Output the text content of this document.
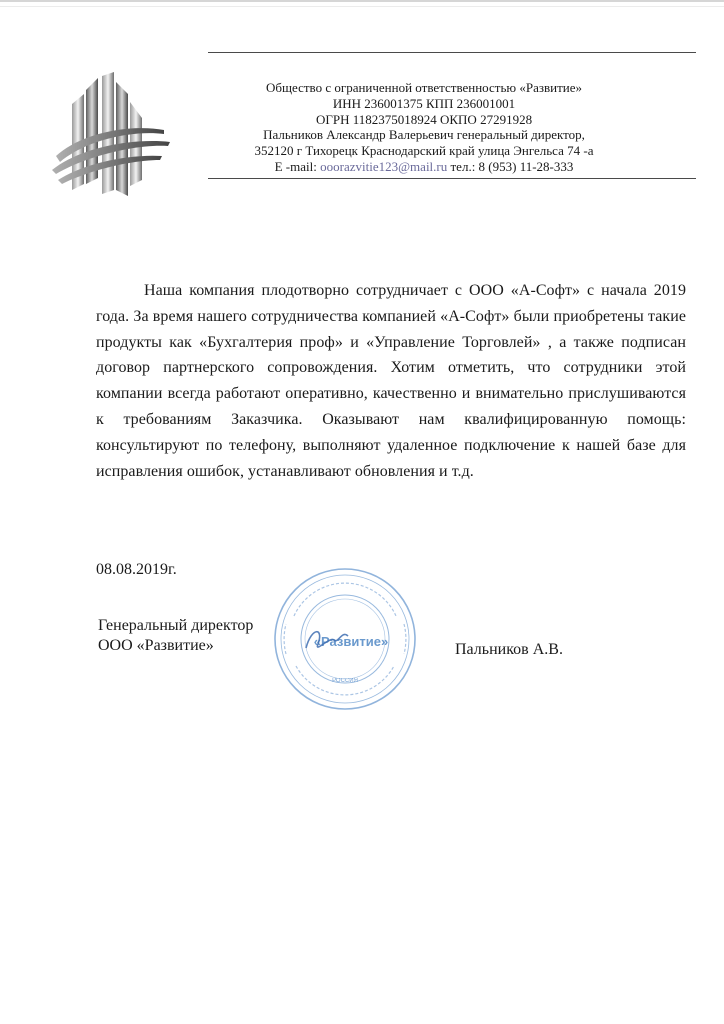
Общество с ограниченной ответственностью «Развитие»
ИНН 236001375 КПП 236001001
ОГРН 1182375018924 ОКПО 27291928
Пальников Александр Валерьевич генеральный директор,
352120 г Тихорецк Краснодарский край улица Энгельса 74 -а
E -mail: ooorazvitie123@mail.ru тел.: 8 (953) 11-28-333
Наша компания плодотворно сотрудничает с ООО «А-Софт» с начала 2019 года. За время нашего сотрудничества компанией «А-Софт» были приобретены такие продукты как «Бухгалтерия проф» и «Управление Торговлей» , а также подписан договор партнерского сопровождения. Хотим отметить, что сотрудники этой компании всегда работают оперативно, качественно и внимательно прислушиваются к требованиям Заказчика. Оказывают нам квалифицированную помощь: консультируют по телефону, выполняют удаленное подключение к нашей базе для исправления ошибок, устанавливают обновления и т.д.
08.08.2019г.
Генеральный директор
ООО «Развитие»	«Развитие»
РОССИЯ
Пальников А.В.
